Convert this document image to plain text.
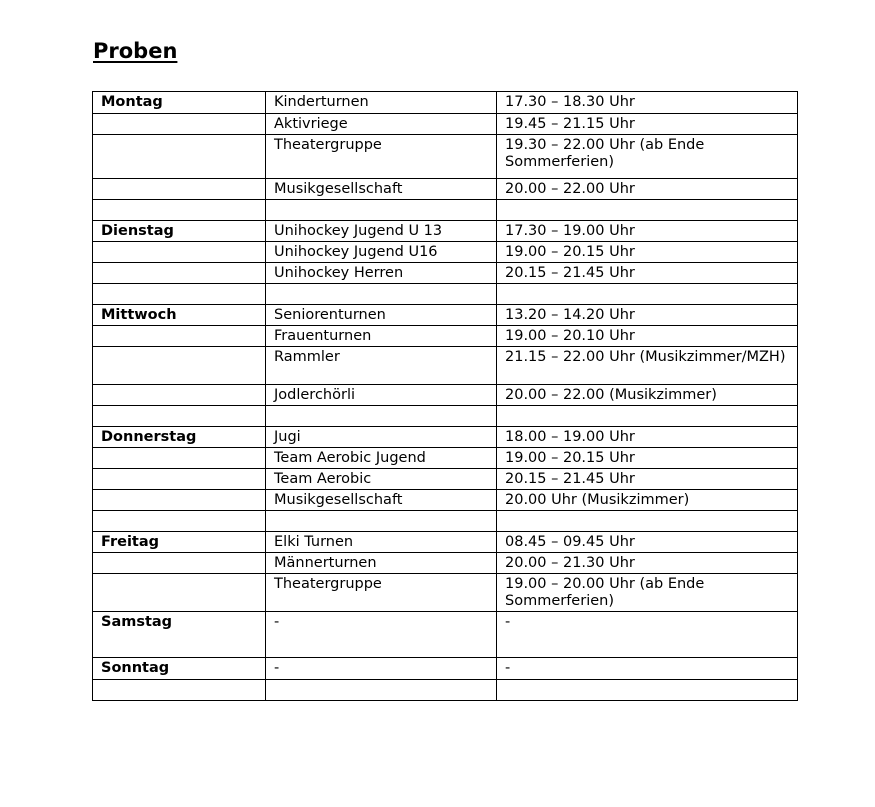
Proben
Montag	Kinderturnen	17.30 – 18.30 Uhr
	Aktivriege	19.45 – 21.15 Uhr
	Theatergruppe	19.30 – 22.00 Uhr (ab Ende Sommerferien)
	Musikgesellschaft	20.00 – 22.00 Uhr

Dienstag	Unihockey Jugend U 13	17.30 – 19.00 Uhr
	Unihockey Jugend U16	19.00 – 20.15 Uhr
	Unihockey Herren	20.15 – 21.45 Uhr

Mittwoch	Seniorenturnen	13.20 – 14.20 Uhr
	Frauenturnen	19.00 – 20.10 Uhr
	Rammler	21.15 – 22.00 Uhr (Musikzimmer/MZH)
	Jodlerchörli	20.00 – 22.00 (Musikzimmer)

Donnerstag	Jugi	18.00 – 19.00 Uhr
	Team Aerobic Jugend	19.00 – 20.15 Uhr
	Team Aerobic	20.15 – 21.45 Uhr
	Musikgesellschaft	20.00 Uhr (Musikzimmer)

Freitag	Elki Turnen	08.45 – 09.45 Uhr
	Männerturnen	20.00 – 21.30 Uhr
	Theatergruppe	19.00 – 20.00 Uhr (ab Ende Sommerferien)
Samstag	-	-
Sonntag	-	-
